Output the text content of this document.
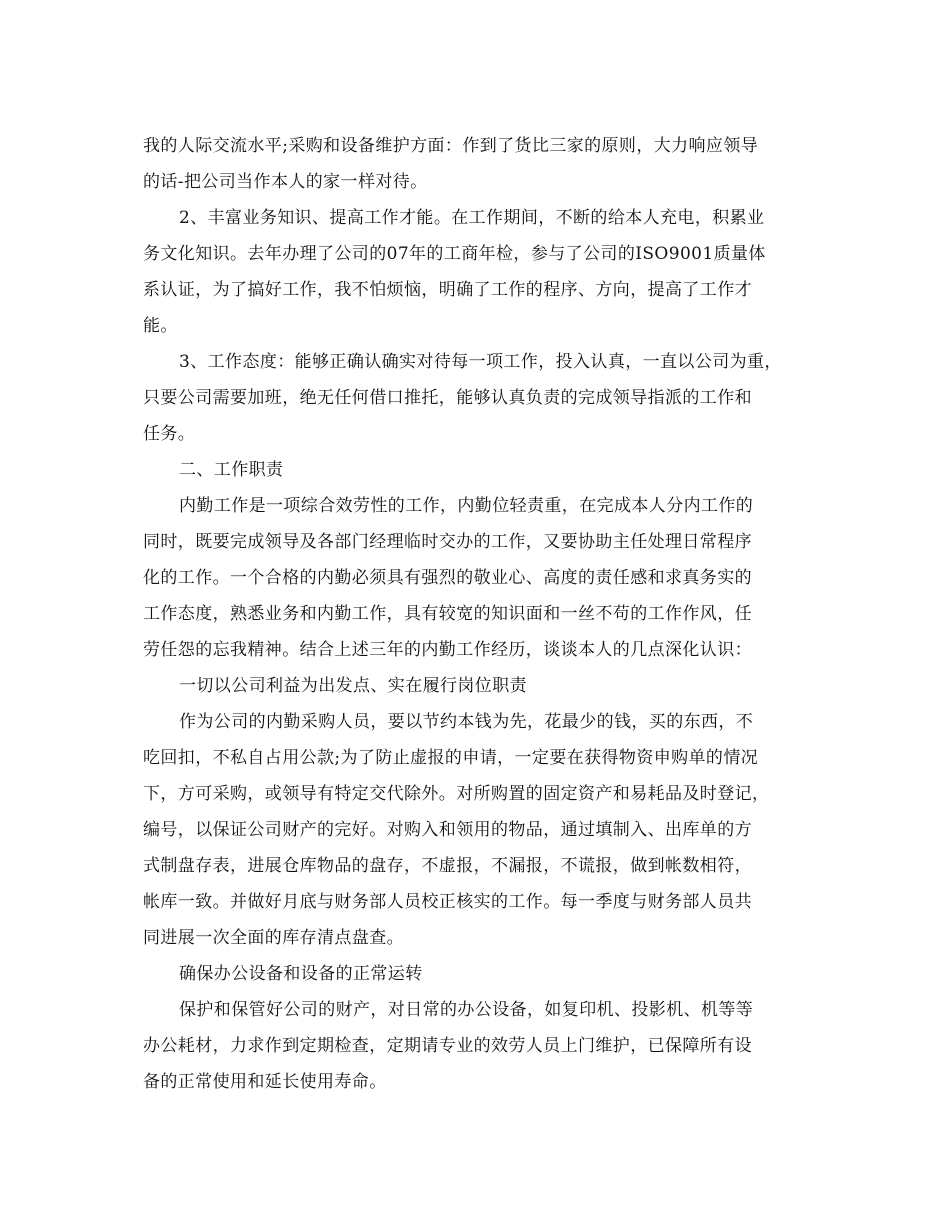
我的人际交流水平;采购和设备维护方面：作到了货比三家的原则，大力响应领导
的话-把公司当作本人的家一样对待。
2、丰富业务知识、提高工作才能。在工作期间，不断的给本人充电，积累业
务文化知识。去年办理了公司的07年的工商年检，参与了公司的ISO9001质量体
系认证，为了搞好工作，我不怕烦恼，明确了工作的程序、方向，提高了工作才
能。
3、工作态度：能够正确认确实对待每一项工作，投入认真，一直以公司为重，
只要公司需要加班，绝无任何借口推托，能够认真负责的完成领导指派的工作和
任务。
二、工作职责
内勤工作是一项综合效劳性的工作，内勤位轻责重，在完成本人分内工作的
同时，既要完成领导及各部门经理临时交办的工作，又要协助主任处理日常程序
化的工作。一个合格的内勤必须具有强烈的敬业心、高度的责任感和求真务实的
工作态度，熟悉业务和内勤工作，具有较宽的知识面和一丝不苟的工作作风，任
劳任怨的忘我精神。结合上述三年的内勤工作经历，谈谈本人的几点深化认识：
一切以公司利益为出发点、实在履行岗位职责
作为公司的内勤采购人员，要以节约本钱为先，花最少的钱，买的东西，不
吃回扣，不私自占用公款;为了防止虚报的申请，一定要在获得物资申购单的情况
下，方可采购，或领导有特定交代除外。对所购置的固定资产和易耗品及时登记，
编号，以保证公司财产的完好。对购入和领用的物品，通过填制入、出库单的方
式制盘存表，进展仓库物品的盘存，不虚报，不漏报，不谎报，做到帐数相符，
帐库一致。并做好月底与财务部人员校正核实的工作。每一季度与财务部人员共
同进展一次全面的库存清点盘查。
确保办公设备和设备的正常运转
保护和保管好公司的财产，对日常的办公设备，如复印机、投影机、机等等
办公耗材，力求作到定期检查，定期请专业的效劳人员上门维护，已保障所有设
备的正常使用和延长使用寿命。
